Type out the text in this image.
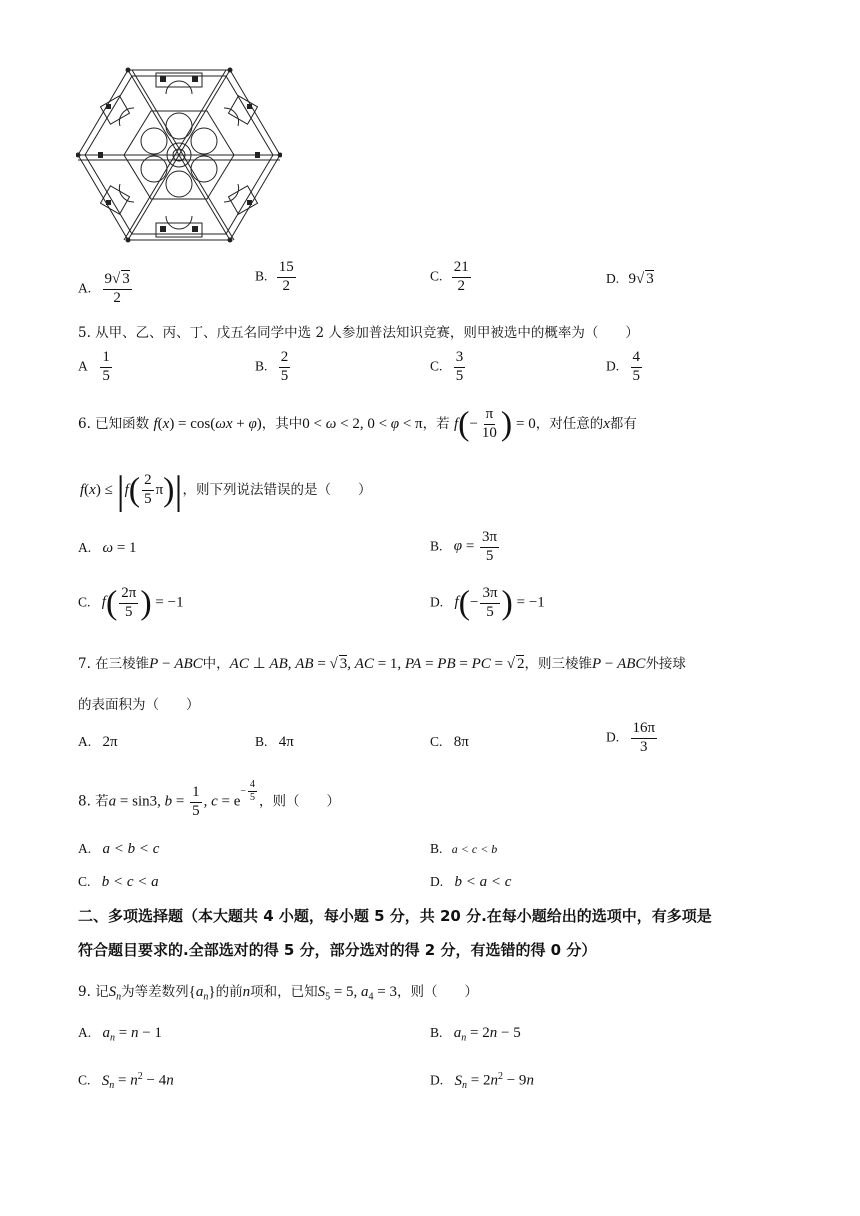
A. $\frac{9√ 3}{2}$	B. $\frac{15}{2}$	C. $\frac{21}{2}$	D. 9√ 3
5. 从甲、乙、丙、丁、戊五名同学中选 2 人参加普法知识竞赛，则甲被选中的概率为（　　）
A $\frac{1}{5}$	B. $\frac{2}{5}$	C. $\frac{3}{5}$	D. $\frac{4}{5}$
6. 已知函数 f(x) = cos(ωx + φ)，其中0 < ω < 2, 0 < φ < π，若 $f(- \frac{\pi}{10}$ ) = 0，对任意的x都有
$f(x) \le |f( \frac{2}{5} \pi)|$，则下列说法错误的是（　　）
A. ω = 1	B. $\varphi = \frac{3\pi}{5}$
C. $f( \frac{2\pi}{5}$ ) = −1	D. $f(- \frac{3\pi}{5}$ ) = −1
7. 在三棱锥P − ABC中，AC ⊥ AB, AB = √ 3, AC = 1, PA = PB = PC = √ 2，则三棱锥P − ABC外接球
的表面积为（　　）
A. 2π	B. 4π	C. 8π	D. $\frac{16\pi}{3}$
8. 若a = sin3, $b = \frac{1}{5}$ , $c = e^{- \frac{4}{5}}$ ，则（　　）
A. a < b < c	B. a < c < b
C. b < c < a	D. b < a < c
二、多项选择题（本大题共 4 小题，每小题 5 分，共 20 分.在每小题给出的选项中，有多项是
符合题目要求的.全部选对的得 5 分，部分选对的得 2 分，有选错的得 0 分）
9. 记$S_n$为等差数列$\{a_n\}$的前n项和，已知$S_5 = 5$, $a_4 = 3$，则（　　）
A. $a_n = n - 1$	B. $a_n = 2n - 5$
C. $S_n = n^2 - 4n$	D. $S_n = 2n^2 - 9n$
